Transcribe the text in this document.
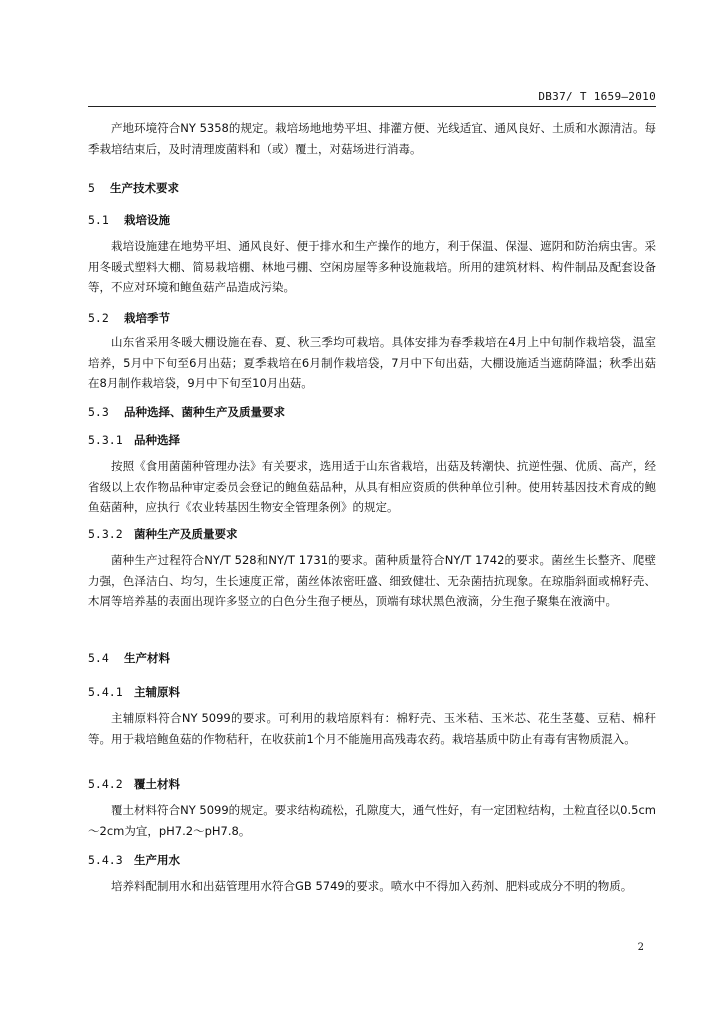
DB37/ T 1659—2010

产地环境符合NY 5358的规定。栽培场地地势平坦、排灌方便、光线适宜、通风良好、土质和水源清洁。每季栽培结束后，及时清理废菌料和（或）覆土，对菇场进行消毒。

5 生产技术要求

5.1 栽培设施

栽培设施建在地势平坦、通风良好、便于排水和生产操作的地方，利于保温、保湿、遮阴和防治病虫害。采用冬暖式塑料大棚、简易栽培棚、林地弓棚、空闲房屋等多种设施栽培。所用的建筑材料、构件制品及配套设备等，不应对环境和鲍鱼菇产品造成污染。

5.2 栽培季节

山东省采用冬暖大棚设施在春、夏、秋三季均可栽培。具体安排为春季栽培在4月上中旬制作栽培袋，温室培养，5月中下旬至6月出菇；夏季栽培在6月制作栽培袋，7月中下旬出菇，大棚设施适当遮荫降温；秋季出菇在8月制作栽培袋，9月中下旬至10月出菇。

5.3 品种选择、菌种生产及质量要求

5.3.1 品种选择

按照《食用菌菌种管理办法》有关要求，选用适于山东省栽培，出菇及转潮快、抗逆性强、优质、高产，经省级以上农作物品种审定委员会登记的鲍鱼菇品种，从具有相应资质的供种单位引种。使用转基因技术育成的鲍鱼菇菌种，应执行《农业转基因生物安全管理条例》的规定。

5.3.2 菌种生产及质量要求

菌种生产过程符合NY/T 528和NY/T 1731的要求。菌种质量符合NY/T 1742的要求。菌丝生长整齐、爬壁力强，色泽洁白、均匀，生长速度正常，菌丝体浓密旺盛、细致健壮、无杂菌拮抗现象。在琼脂斜面或棉籽壳、木屑等培养基的表面出现许多竖立的白色分生孢子梗丛，顶端有球状黑色液滴，分生孢子聚集在液滴中。

5.4 生产材料

5.4.1 主辅原料

主辅原料符合NY 5099的要求。可利用的栽培原料有：棉籽壳、玉米秸、玉米芯、花生茎蔓、豆秸、棉秆等。用于栽培鲍鱼菇的作物秸秆，在收获前1个月不能施用高残毒农药。栽培基质中防止有毒有害物质混入。

5.4.2 覆土材料

覆土材料符合NY 5099的规定。要求结构疏松，孔隙度大，通气性好，有一定团粒结构，土粒直径以0.5cm～2cm为宜，pH7.2～pH7.8。

5.4.3 生产用水

培养料配制用水和出菇管理用水符合GB 5749的要求。喷水中不得加入药剂、肥料或成分不明的物质。

2
